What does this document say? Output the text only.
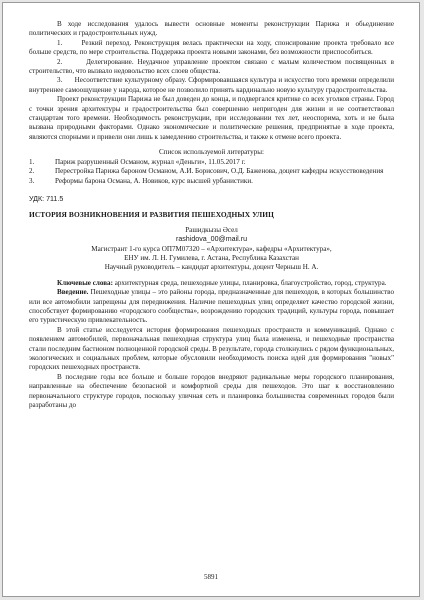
В ходе исследования удалось вывести основные моменты реконструкции Парижа и обьединение политических и градостроительных нужд.

1.	Резкий переход. Реконструкция велась практически на ходу, спонсирование проекта требовало все больше средств, по мере строительства. Поддержка проекта новыми законами, без возможности приспособиться.

2.	Делегирование. Неудачное управление проектом связано с малым количеством посвященных в строительство, что вызвало недовольство всех слоев общества.

3. Несоответствие культурному образу. Сформировавшаяся культура и искусство того времени определили внутреннее самоощущение у народа, которое не позволило принять кардинально новую культуру градостроительства.

Проект реконструкции Парижа не был доведен до конца, и подвергался критике со всех уголков страны. Город с точки зрения архитектуры и градостроительства был совершенно непригоден для жизни и не соответствовал стандартам того времени. Необходимость реконструкции, при исследовании тех лет, неоспорима, хоть и не была вызвана природными факторами. Однако экономические и политические решения, предпринятые в ходе проекта, являются спорными и привели они лишь к замедлению строительства, и также к отмене всего проекта.

Список используемой литературы:

1.	Париж разрушенный Османом, журнал «Деньги», 11.05.2017 г.
2.	Перестройка Парижа бароном Османом, А.И. Борисович, О.Д. Баженова, доцент кафедры искусствоведения
3.	Реформы барона Османа, А. Новиков, курс высшей урбанистики.

УДК: 711.5

ИСТОРИЯ ВОЗНИКНОВЕНИЯ И РАЗВИТИЯ ПЕШЕХОДНЫХ УЛИЦ

Рашидкызы Әсел

rashidova_00@mail.ru

Магистрант 1-го курса ОП7М07320 – «Архитектура», кафедры «Архитектура»,

ЕНУ им. Л. Н. Гумилева, г. Астана, Республика Казахстан

Научный руководитель – кандидат архитектуры, доцент Черныш Н. А.

Ключевые слова: архитектурная среда, пешеходные улицы, планировка, благоустройство, город, структура.

Введение. Пешеходные улицы – это районы города, предназначенные для пешеходов, в которых большинство или все автомобили запрещены для передвижения. Наличие пешеходных улиц определяет качество городской жизни, способствует формированию «городского сообщества», возрождению городских традиций, культуры города, повышает его туристическую привлекательность.

В этой статье исследуется история формирования пешеходных пространств и коммуникаций. Однако с появлением автомобилей, первоначальная пешеходная структура улиц была изменена, и пешеходные пространства стали последним бастионом полноценной городской среды. В результате, города столкнулись с рядом функциональных, экологических и социальных проблем, которые обусловили необходимость поиска идей для формирования "новых" городских пешеходных пространств.

В последние годы все больше и больше городов внедряют радикальные меры городского планирования, направленные на обеспечение безопасной и комфортной среды для пешеходов. Это шаг к восстановлению первоначального структуре городов, поскольку уличная сеть и планировка большинства современных городов были разработаны до

5891
